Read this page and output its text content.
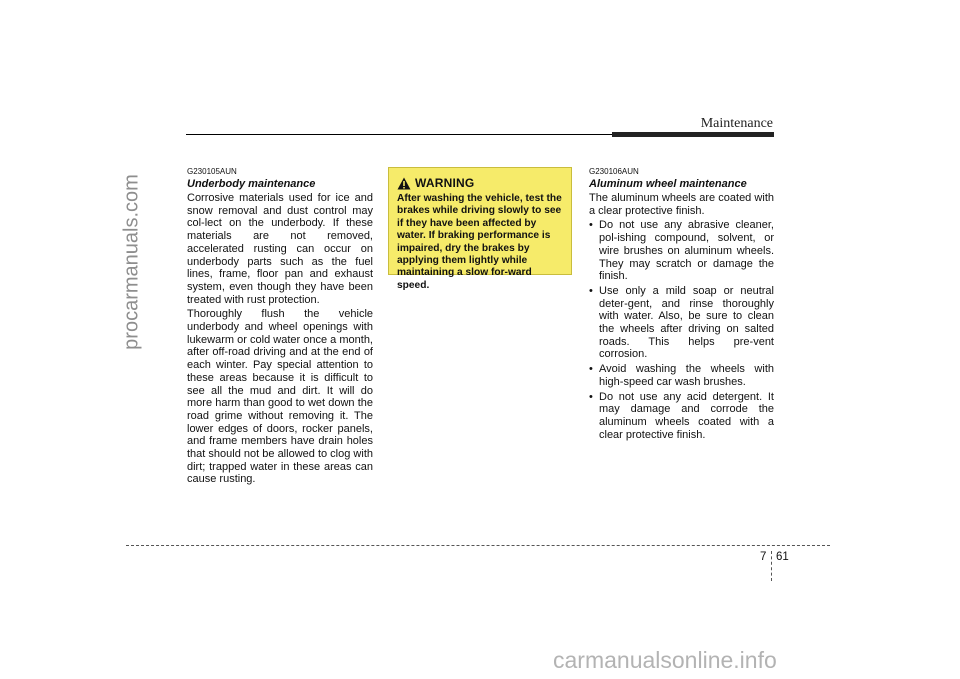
procarmanuals.com
Maintenance
G230105AUN
Underbody maintenance

Corrosive materials used for ice and snow removal and dust control may col-lect on the underbody. If these materials are not removed, accelerated rusting can occur on underbody parts such as the fuel lines, frame, floor pan and exhaust system, even though they have been treated with rust protection.

Thoroughly flush the vehicle underbody and wheel openings with lukewarm or cold water once a month, after off-road driving and at the end of each winter. Pay special attention to these areas because it is difficult to see all the mud and dirt. It will do more harm than good to wet down the road grime without removing it. The lower edges of doors, rocker panels, and frame members have drain holes that should not be allowed to clog with dirt; trapped water in these areas can cause rusting.

WARNING
After washing the vehicle, test the brakes while driving slowly to see if they have been affected by water. If braking performance is impaired, dry the brakes by applying them lightly while maintaining a slow for-ward speed.
G230106AUN
Aluminum wheel maintenance

The aluminum wheels are coated with a clear protective finish.

• Do not use any abrasive cleaner, pol-ishing compound, solvent, or wire brushes on aluminum wheels. They may scratch or damage the finish.
• Use only a mild soap or neutral deter-gent, and rinse thoroughly with water. Also, be sure to clean the wheels after driving on salted roads. This helps pre-vent corrosion.
• Avoid washing the wheels with high-speed car wash brushes.
• Do not use any acid detergent. It may damage and corrode the aluminum wheels coated with a clear protective finish.
7 61
carmanualsonline.info
